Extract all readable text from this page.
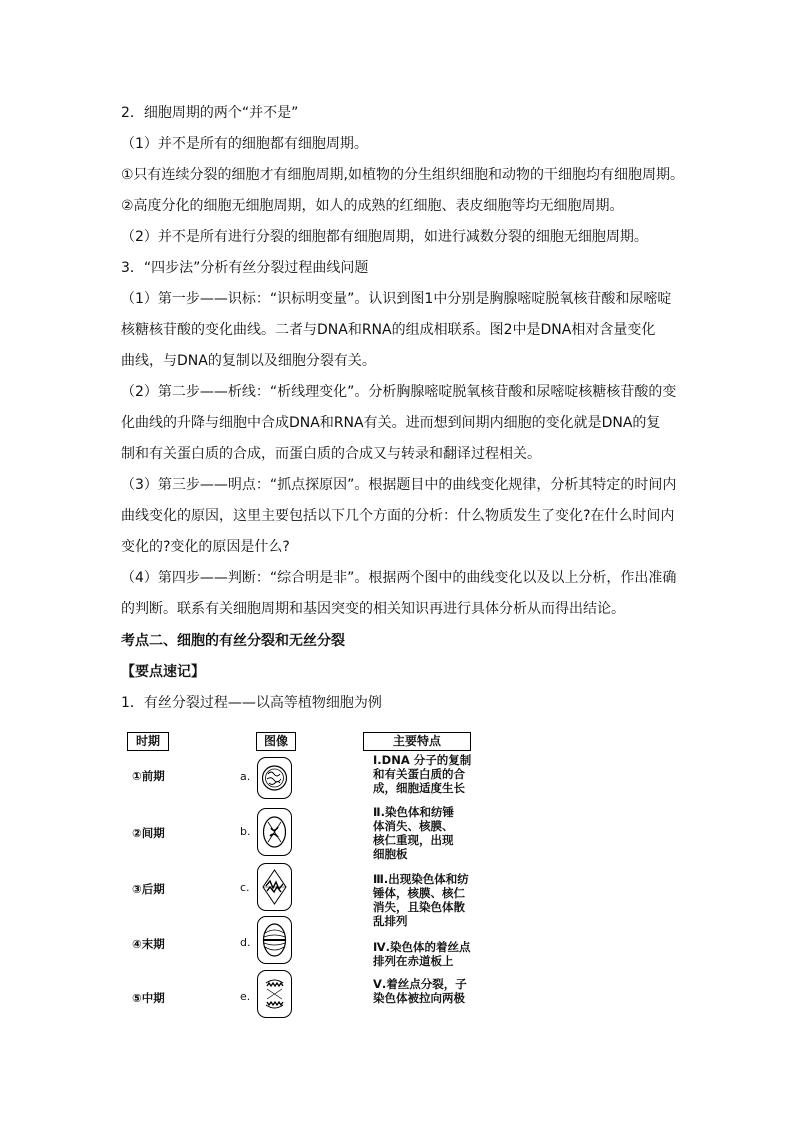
2．细胞周期的两个“并不是”
（1）并不是所有的细胞都有细胞周期。
①只有连续分裂的细胞才有细胞周期,如植物的分生组织细胞和动物的干细胞均有细胞周期。
②高度分化的细胞无细胞周期，如人的成熟的红细胞、表皮细胞等均无细胞周期。
（2）并不是所有进行分裂的细胞都有细胞周期，如进行减数分裂的细胞无细胞周期。
3．“四步法”分析有丝分裂过程曲线问题
（1）第一步——识标：“识标明变量”。认识到图1中分别是胸腺嘧啶脱氧核苷酸和尿嘧啶
核糖核苷酸的变化曲线。二者与DNA和RNA的组成相联系。图2中是DNA相对含量变化
曲线，与DNA的复制以及细胞分裂有关。
（2）第二步——析线：“析线理变化”。分析胸腺嘧啶脱氧核苷酸和尿嘧啶核糖核苷酸的变
化曲线的升降与细胞中合成DNA和RNA有关。进而想到间期内细胞的变化就是DNA的复
制和有关蛋白质的合成，而蛋白质的合成又与转录和翻译过程相关。
（3）第三步——明点：“抓点探原因”。根据题目中的曲线变化规律，分析其特定的时间内
曲线变化的原因，这里主要包括以下几个方面的分析：什么物质发生了变化?在什么时间内
变化的?变化的原因是什么?
（4）第四步——判断：“综合明是非”。根据两个图中的曲线变化以及以上分析，作出准确
的判断。联系有关细胞周期和基因突变的相关知识再进行具体分析从而得出结论。
考点二、细胞的有丝分裂和无丝分裂
【要点速记】
1．有丝分裂过程——以高等植物细胞为例
时期	图像	主要特点
①前期
②间期
③后期
④末期
⑤中期
a.
b.
c.
d.
e.
Ⅰ.DNA 分子的复制
和有关蛋白质的合
成，细胞适度生长
Ⅱ.染色体和纺锤
体消失、核膜、
核仁重现，出现
细胞板
Ⅲ.出现染色体和纺
锤体，核膜、核仁
消失，且染色体散
乱排列
Ⅳ.染色体的着丝点
排列在赤道板上
Ⅴ.着丝点分裂，子
染色体被拉向两极
